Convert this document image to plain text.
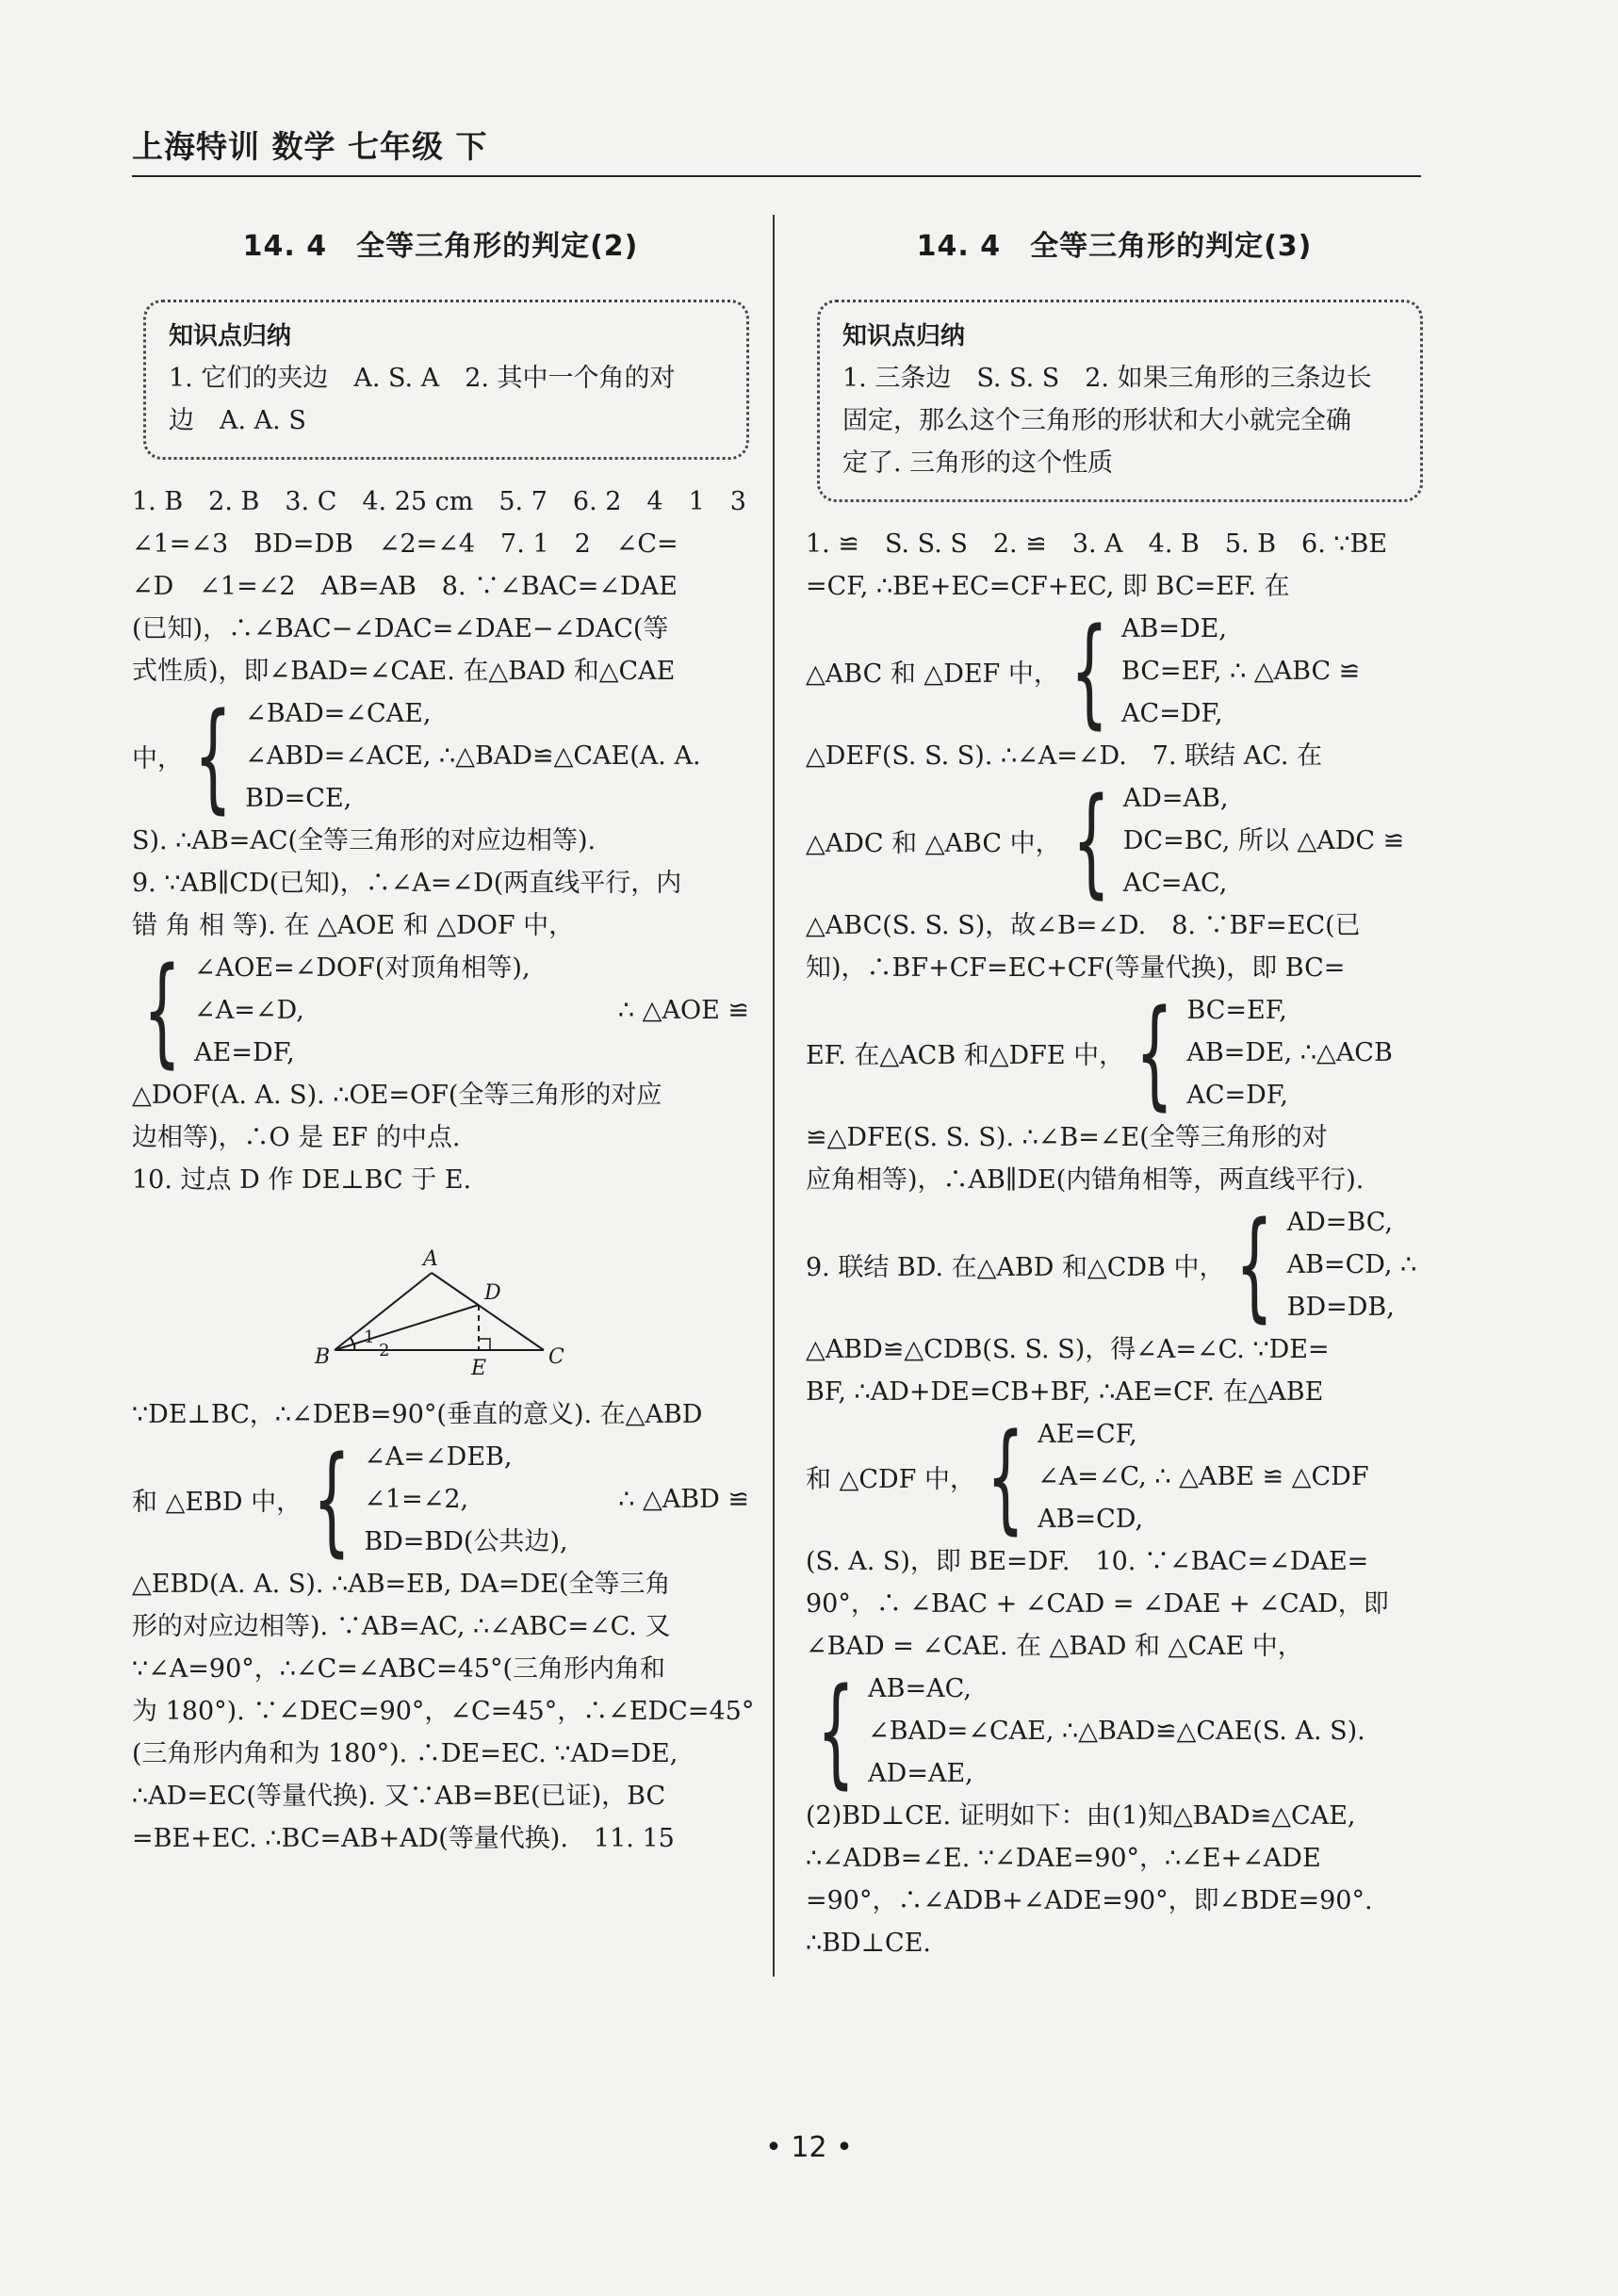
上海特训 数学 七年级 下
14. 4　全等三角形的判定(2)
知识点归纳
1. 它们的夹边　A. S. A　2. 其中一个角的对
边　A. A. S
1. B　2. B　3. C　4. 25 cm　5. 7　6. 2　4　1　3
∠1=∠3　BD=DB　∠2=∠4　7. 1　2　∠C=
∠D　∠1=∠2　AB=AB　8. ∵∠BAC=∠DAE
(已知)，∴∠BAC−∠DAC=∠DAE−∠DAC(等
式性质)，即∠BAD=∠CAE. 在△BAD 和△CAE
中， { ∠BAD=∠CAE,
∠ABD=∠ACE, ∴△BAD≌△CAE(A. A.
BD=CE,
S). ∴AB=AC(全等三角形的对应边相等).
9. ∵AB∥CD(已知)，∴∠A=∠D(两直线平行，内
错 角 相 等). 在 △AOE 和 △DOF 中，
{ ∠AOE=∠DOF(对顶角相等),
∠A=∠D,
AE=DF,
∴ △AOE ≌
△DOF(A. A. S). ∴OE=OF(全等三角形的对应
边相等)，∴O 是 EF 的中点.
10. 过点 D 作 DE⊥BC 于 E.
A
D
B
1
2
E	C
∵DE⊥BC，∴∠DEB=90°(垂直的意义). 在△ABD
和 △EBD 中， { ∠A=∠DEB,
∠1=∠2,
BD=BD(公共边),
∴ △ABD ≌
△EBD(A. A. S). ∴AB=EB, DA=DE(全等三角
形的对应边相等). ∵AB=AC, ∴∠ABC=∠C. 又
∵∠A=90°，∴∠C=∠ABC=45°(三角形内角和
为 180°). ∵∠DEC=90°，∠C=45°，∴∠EDC=45°
(三角形内角和为 180°). ∴DE=EC. ∵AD=DE,
∴AD=EC(等量代换). 又∵AB=BE(已证)，BC
=BE+EC. ∴BC=AB+AD(等量代换).　11. 15
14. 4　全等三角形的判定(3)
知识点归纳
1. 三条边　S. S. S　2. 如果三角形的三条边长
固定，那么这个三角形的形状和大小就完全确
定了. 三角形的这个性质
1. ≌　S. S. S　2. ≌　3. A　4. B　5. B　6. ∵BE
=CF, ∴BE+EC=CF+EC, 即 BC=EF. 在
△ABC 和 △DEF 中， { AB=DE,
BC=EF, ∴ △ABC ≌
AC=DF,
△DEF(S. S. S). ∴∠A=∠D.　7. 联结 AC. 在
△ADC 和 △ABC 中， { AD=AB,
DC=BC, 所以 △ADC ≌
AC=AC,
△ABC(S. S. S)，故∠B=∠D.　8. ∵BF=EC(已
知)，∴BF+CF=EC+CF(等量代换)，即 BC=
EF. 在△ACB 和△DFE 中， { BC=EF,
AB=DE, ∴△ACB
AC=DF,
≌△DFE(S. S. S). ∴∠B=∠E(全等三角形的对
应角相等)，∴AB∥DE(内错角相等，两直线平行).
9. 联结 BD. 在△ABD 和△CDB 中， { AD=BC,
AB=CD, ∴
BD=DB,
△ABD≌△CDB(S. S. S)，得∠A=∠C. ∵DE=
BF, ∴AD+DE=CB+BF, ∴AE=CF. 在△ABE
和 △CDF 中， { AE=CF,
∠A=∠C, ∴ △ABE ≌ △CDF
AB=CD,
(S. A. S)，即 BE=DF.　10. ∵∠BAC=∠DAE=
90°，∴ ∠BAC + ∠CAD = ∠DAE + ∠CAD，即
∠BAD = ∠CAE. 在 △BAD 和 △CAE 中，
{ AB=AC,
∠BAD=∠CAE, ∴△BAD≌△CAE(S. A. S).
AD=AE,
(2)BD⊥CE. 证明如下：由(1)知△BAD≌△CAE,
∴∠ADB=∠E. ∵∠DAE=90°，∴∠E+∠ADE
=90°，∴∠ADB+∠ADE=90°，即∠BDE=90°.
∴BD⊥CE.
• 12 •
